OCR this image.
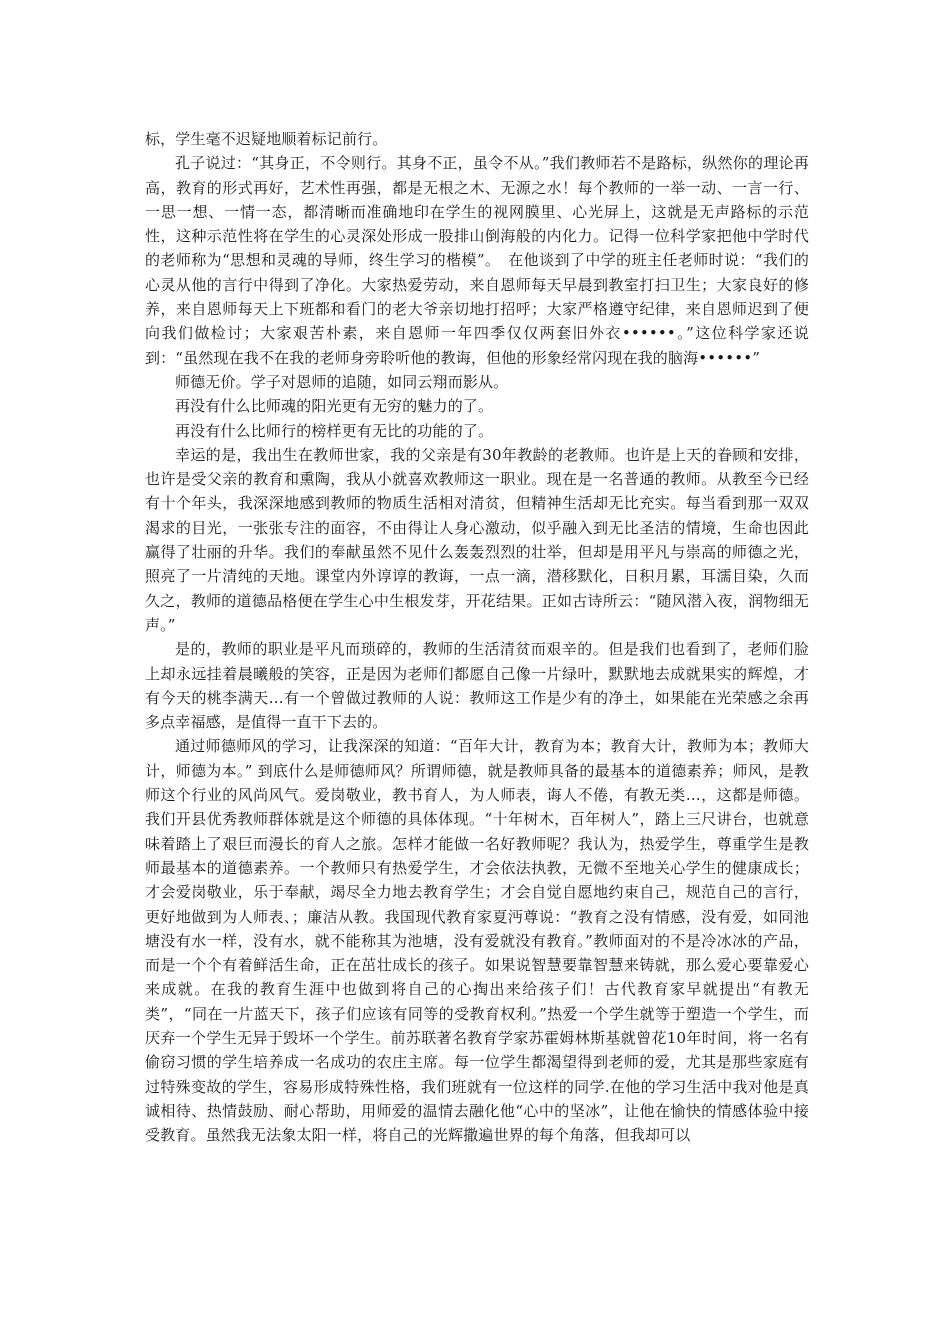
标，学生毫不迟疑地顺着标记前行。

孔子说过：“其身正，不令则行。其身不正，虽令不从。”我们教师若不是路标，纵然你的理论再高，教育的形式再好，艺术性再强，都是无根之木、无源之水！每个教师的一举一动、一言一行、一思一想、一情一态，都清晰而准确地印在学生的视网膜里、心光屏上，这就是无声路标的示范性，这种示范性将在学生的心灵深处形成一股排山倒海般的内化力。记得一位科学家把他中学时代的老师称为“思想和灵魂的导师，终生学习的楷模”。　在他谈到了中学的班主任老师时说：“我们的心灵从他的言行中得到了净化。大家热爱劳动，来自恩师每天早晨到教室打扫卫生；大家良好的修养，来自恩师每天上下班都和看门的老大爷亲切地打招呼；大家严格遵守纪律，来自恩师迟到了便向我们做检讨；大家艰苦朴素，来自恩师一年四季仅仅两套旧外衣••••••。”这位科学家还说到：“虽然现在我不在我的老师身旁聆听他的教诲，但他的形象经常闪现在我的脑海••••••”

师德无价。学子对恩师的追随，如同云翔而影从。

再没有什么比师魂的阳光更有无穷的魅力的了。

再没有什么比师行的榜样更有无比的功能的了。

幸运的是，我出生在教师世家，我的父亲是有30年教龄的老教师。也许是上天的眷顾和安排，也许是受父亲的教育和熏陶，我从小就喜欢教师这一职业。现在是一名普通的教师。从教至今已经有十个年头，我深深地感到教师的物质生活相对清贫，但精神生活却无比充实。每当看到那一双双渴求的目光，一张张专注的面容，不由得让人身心激动，似乎融入到无比圣洁的情境，生命也因此赢得了壮丽的升华。我们的奉献虽然不见什么轰轰烈烈的壮举，但却是用平凡与崇高的师德之光，照亮了一片清纯的天地。课堂内外谆谆的教诲，一点一滴，潜移默化，日积月累，耳濡目染，久而久之，教师的道德品格便在学生心中生根发芽，开花结果。正如古诗所云：“随风潜入夜，润物细无声。”

是的，教师的职业是平凡而琐碎的，教师的生活清贫而艰辛的。但是我们也看到了，老师们脸上却永远挂着晨曦般的笑容，正是因为老师们都愿自己像一片绿叶，默默地去成就果实的辉煌，才有今天的桃李满天…有一个曾做过教师的人说：教师这工作是少有的净土，如果能在光荣感之余再多点幸福感，是值得一直干下去的。

通过师德师风的学习，让我深深的知道：“百年大计，教育为本；教育大计，教师为本；教师大计，师德为本。” 到底什么是师德师风？所谓师德，就是教师具备的最基本的道德素养；师风，是教师这个行业的风尚风气。爱岗敬业，教书育人，为人师表，诲人不倦，有教无类…，这都是师德。我们开县优秀教师群体就是这个师德的具体体现。“十年树木，百年树人”，踏上三尺讲台，也就意味着踏上了艰巨而漫长的育人之旅。怎样才能做一名好教师呢？我认为，热爱学生，尊重学生是教师最基本的道德素养。一个教师只有热爱学生，才会依法执教，无微不至地关心学生的健康成长；才会爱岗敬业，乐于奉献，竭尽全力地去教育学生；才会自觉自愿地约束自己，规范自己的言行，更好地做到为人师表、；廉洁从教。我国现代教育家夏沔尊说：“教育之没有情感，没有爱，如同池塘没有水一样，没有水，就不能称其为池塘，没有爱就没有教育。”教师面对的不是冷冰冰的产品，而是一个个有着鲜活生命，正在茁壮成长的孩子。如果说智慧要靠智慧来铸就，那么爱心要靠爱心来成就。在我的教育生涯中也做到将自己的心掏出来给孩子们！古代教育家早就提出“有教无类”，“同在一片蓝天下，孩子们应该有同等的受教育权利。”热爱一个学生就等于塑造一个学生，而厌弃一个学生无异于毁坏一个学生。前苏联著名教育学家苏霍姆林斯基就曾花10年时间，将一名有偷窃习惯的学生培养成一名成功的农庄主席。每一位学生都渴望得到老师的爱，尤其是那些家庭有过特殊变故的学生，容易形成特殊性格，我们班就有一位这样的同学.在他的学习生活中我对他是真诚相待、热情鼓励、耐心帮助，用师爱的温情去融化他“心中的坚冰”，让他在愉快的情感体验中接受教育。虽然我无法象太阳一样，将自己的光辉撒遍世界的每个角落，但我却可以
